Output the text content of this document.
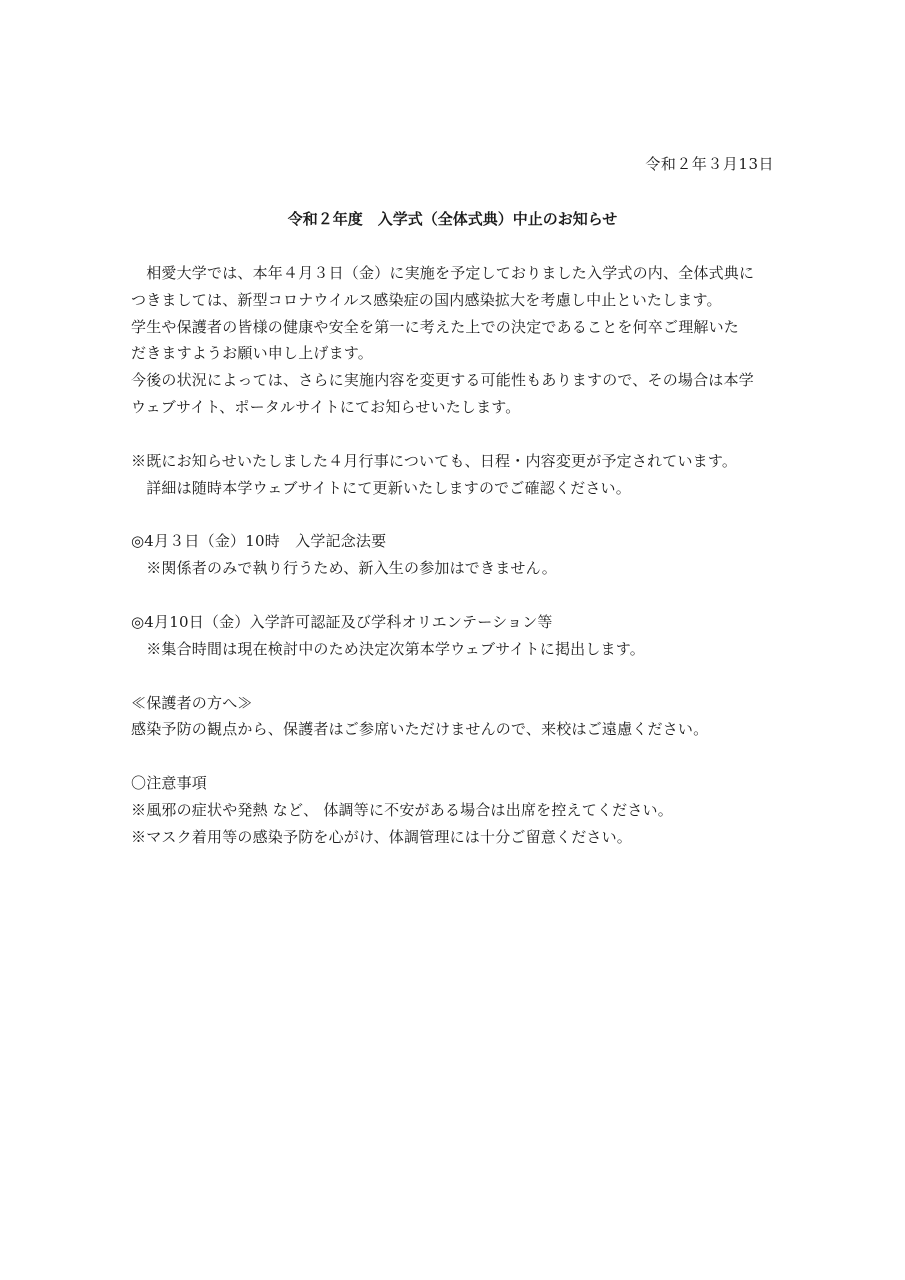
令和２年３月13日
令和２年度　入学式（全体式典）中止のお知らせ
　相愛大学では、本年４月３日（金）に実施を予定しておりました入学式の内、全体式典に
つきましては、新型コロナウイルス感染症の国内感染拡大を考慮し中止といたします。
学生や保護者の皆様の健康や安全を第一に考えた上での決定であることを何卒ご理解いた
だきますようお願い申し上げます。
今後の状況によっては、さらに実施内容を変更する可能性もありますので、その場合は本学
ウェブサイト、ポータルサイトにてお知らせいたします。
※既にお知らせいたしました４月行事についても、日程・内容変更が予定されています。
　詳細は随時本学ウェブサイトにて更新いたしますのでご確認ください。
◎4月３日（金）10時　入学記念法要
　※関係者のみで執り行うため、新入生の参加はできません。
◎4月10日（金）入学許可認証及び学科オリエンテーション等
　※集合時間は現在検討中のため決定次第本学ウェブサイトに掲出します。
≪保護者の方へ≫
感染予防の観点から、保護者はご参席いただけませんので、来校はご遠慮ください。
〇注意事項
※風邪の症状や発熱 など、 体調等に不安がある場合は出席を控えてください。
※マスク着用等の感染予防を心がけ、体調管理には十分ご留意ください。
